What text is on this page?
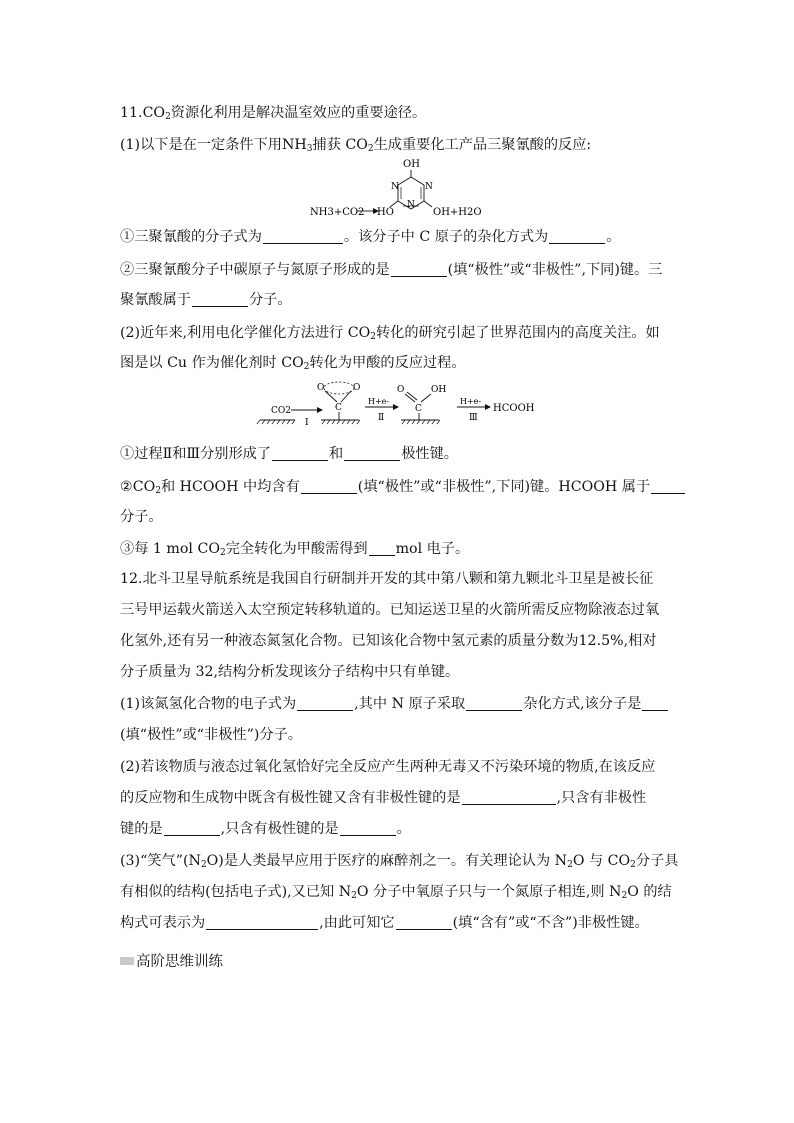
$11.CO_2$资源化利用是解决温室效应的重要途径。
(1)以下是在一定条件下用$NH_3$捕获 $CO_2$生成重要化工产品三聚氰酸的反应:
OH
N	N
N
NH3+CO2 HO	OH+H2O
①三聚氰酸的分子式为	。该分子中 C 原子的杂化方式为	。
②三聚氰酸分子中碳原子与氮原子形成的是	(填“极性”或“非极性”,下同)键。三
聚氰酸属于	分子。
(2)近年来,利用电化学催化方法进行 $CO_2$转化的研究引起了世界范围内的高度关注。如
图是以 Cu 作为催化剂时 $CO_2$转化为甲酸的反应过程。
CO2
Ⅰ
O	O
C
H+e-
Ⅱ
O	OH
C
H+e-
Ⅲ
HCOOH
①过程Ⅱ和Ⅲ分别形成了	和	极性键。
$②CO_2$和 HCOOH 中均含有	(填“极性”或“非极性”,下同)键。HCOOH 属于
分子。
③每 1 mol $CO_2$完全转化为甲酸需得到 mol 电子。
12.北斗卫星导航系统是我国自行研制并开发的其中第八颗和第九颗北斗卫星是被长征
三号甲运载火箭送入太空预定转移轨道的。已知运送卫星的火箭所需反应物除液态过氧
化氢外,还有另一种液态氮氢化合物。已知该化合物中氢元素的质量分数为12.5%,相对
分子质量为 32,结构分析发现该分子结构中只有单键。
(1)该氮氢化合物的电子式为	,其中 N 原子采取	杂化方式,该分子是
(填“极性”或“非极性”)分子。
(2)若该物质与液态过氧化氢恰好完全反应产生两种无毒又不污染环境的物质,在该反应
的反应物和生成物中既含有极性键又含有非极性键的是	,只含有非极性
键的是	,只含有极性键的是	。
(3)“笑气$”(N_2O)$是人类最早应用于医疗的麻醉剂之一。有关理论认为 $N_2O$ 与 $CO_2$分子具
有相似的结构(包括电子式),又已知 $N_2O$ 分子中氧原子只与一个氮原子相连,则 $N_2O$ 的结
构式可表示为	,由此可知它	(填“含有”或“不含”)非极性键。
高阶思维训练
